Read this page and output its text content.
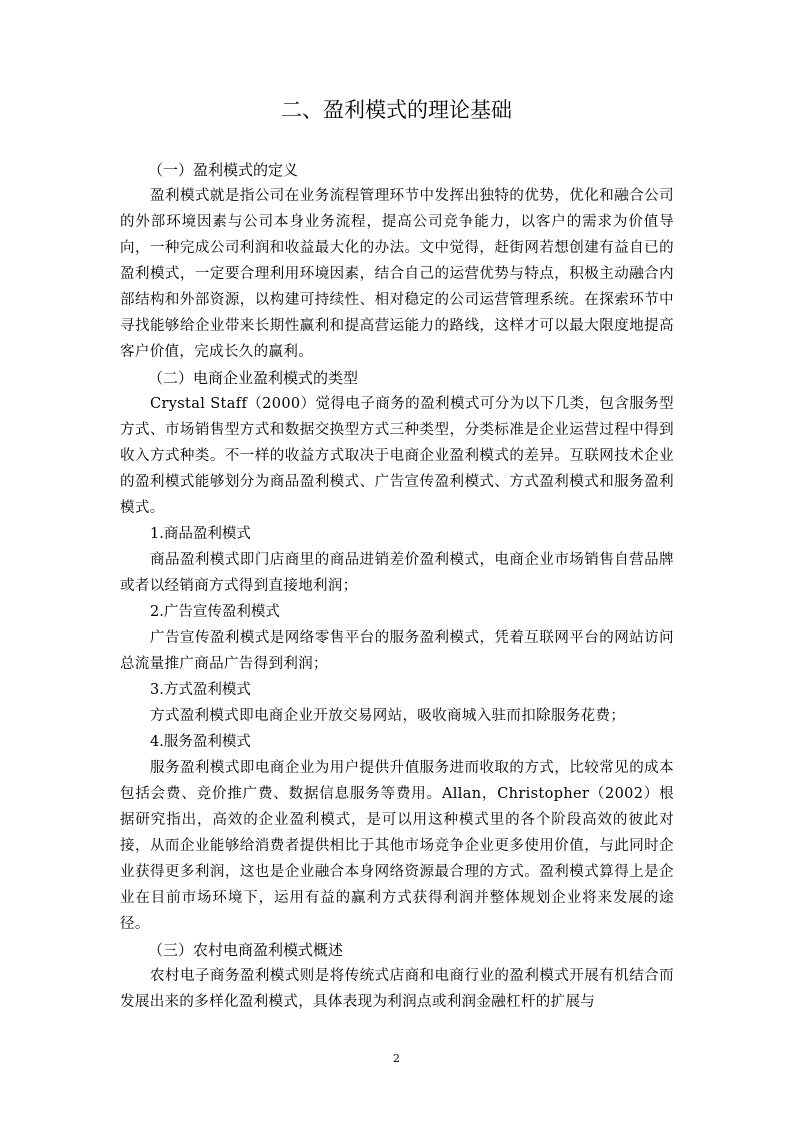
二、盈利模式的理论基础

（一）盈利模式的定义

盈利模式就是指公司在业务流程管理环节中发挥出独特的优势，优化和融合公司的外部环境因素与公司本身业务流程，提高公司竞争能力，以客户的需求为价值导向，一种完成公司利润和收益最大化的办法。文中觉得，赶街网若想创建有益自已的盈利模式，一定要合理利用环境因素，结合自己的运营优势与特点，积极主动融合内部结构和外部资源，以构建可持续性、相对稳定的公司运营管理系统。在探索环节中寻找能够给企业带来长期性赢利和提高营运能力的路线，这样才可以最大限度地提高客户价值，完成长久的赢利。

（二）电商企业盈利模式的类型

Crystal Staff（2000）觉得电子商务的盈利模式可分为以下几类，包含服务型方式、市场销售型方式和数据交换型方式三种类型，分类标准是企业运营过程中得到收入方式种类。不一样的收益方式取决于电商企业盈利模式的差异。互联网技术企业的盈利模式能够划分为商品盈利模式、广告宣传盈利模式、方式盈利模式和服务盈利模式。

1.商品盈利模式

商品盈利模式即门店商里的商品进销差价盈利模式，电商企业市场销售自营品牌或者以经销商方式得到直接地利润；

2.广告宣传盈利模式

广告宣传盈利模式是网络零售平台的服务盈利模式，凭着互联网平台的网站访问总流量推广商品广告得到利润；

3.方式盈利模式

方式盈利模式即电商企业开放交易网站，吸收商城入驻而扣除服务花费；

4.服务盈利模式

服务盈利模式即电商企业为用户提供升值服务进而收取的方式，比较常见的成本包括会费、竞价推广费、数据信息服务等费用。Allan，Christopher（2002）根据研究指出，高效的企业盈利模式，是可以用这种模式里的各个阶段高效的彼此对接，从而企业能够给消费者提供相比于其他市场竞争企业更多使用价值，与此同时企业获得更多利润，这也是企业融合本身网络资源最合理的方式。盈利模式算得上是企业在目前市场环境下，运用有益的赢利方式获得利润并整体规划企业将来发展的途径。

（三）农村电商盈利模式概述

农村电子商务盈利模式则是将传统式店商和电商行业的盈利模式开展有机结合而发展出来的多样化盈利模式，具体表现为利润点或利润金融杠杆的扩展与

2
